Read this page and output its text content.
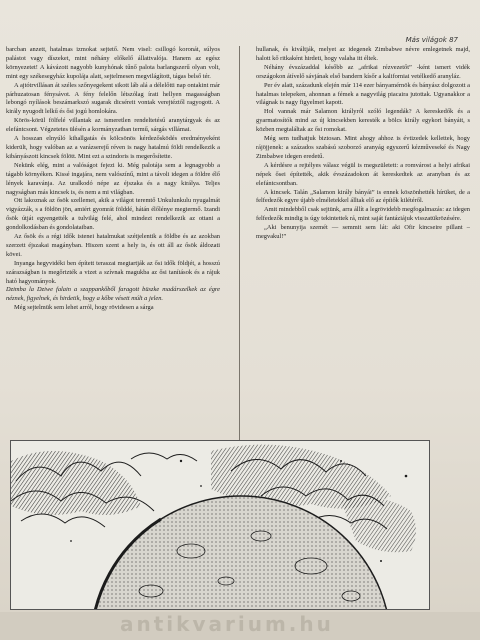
Más világok 87

barcban anzett, hatalmas izmokat sejtető. Nem visel: csillogó koronát, súlyos palástot vagy díszeket, mint néhány előkelő állattvalója. Hanem az egész környezetet! A kávázott nagyobb kunyhónak tűnő palota barlangszerű olyan volt, mint egy székesegyház kupolája alatt, sejtelmesen megvilágított, tágas belső tér.

A ajtótrvillásan át széles szőnyegekent sikott láb alá a délelőtti nap ontakint már párhuzatosan fénysávot. A fény felelőn létszólag írati hellyen magasságban lebongó nyílások beszámarkszó sugarak dicséreit vontak verejtéztől ragyogott. A király nyugodt lelkű és ősi jogú homlokára.

Körös-körül fölfelé villantak az ismeretlen rendeltetésű aranytárgyak és az elefántcsont. Végzetetes ülésén a kormányzatban termű, sárgás villámai.

A hosszan elnyúló kihallgatás és kölcsönös kérdezősködés eredményeként kiderült, hogy valóban az a varázserejű réven is nagy hatalmú földi rendelkezik a kibányászott kincsek fölött. Mint ezt a szindoris is megerősítette.

Nekünk elég, mint a valóságot fejezi ki. Még palotája sem a legnagyobb a tágabb környéken. Kissé ingajára, nem valószínű, mint a távoli idegen a földre élő lények karavánja. Az uralkodó népe az éjszaka és a nagy királya. Teljes nagyságban más kincsek is, és nem a mi világban.

Ott lakoznak az ősök szellemei, akik a világot teremtő Unkulunkulu nyugalmát vigyázzák, s a földön jön, amiért gyomrát földdé, hátán élőlénye megtermő. Izandi ősök útját egyengették a tulvilág felé, ahol mindezt rendelkezik az ottani a gondolkodásban és gondolataiban.

Az ősök és a régi idők istenei hatalmukat szétjelentik a földbe és az azokban szerzett éjszakai magányban. Hiszen szent a hely is, és ott áll az ősök áldozati kövei.

Inyanga hegyvidéki ben épített teraszai megtartják az ősi idők földjét, a hosszú szárazságban is megőrizték a vizet a szívnak magukba az ősi tanítások és a rájuk ható hagyományok.

Dzimba la Dziwe falain a szappankőből faragott büszke madárszelkek az égre néznek, figyelnek, és hirdetik, hogy a kőbe vésett múlt a jelen.

Még sejtelmük sem lehet arról, hogy rövidesen a sárga

hullanak, és kiváltják, melyet az idegenek Zimbabwe névre emlegetnek majd, halott kő ritkaként hirdeti, hogy valaha itt éltek.

Néhány évszázaddal később az „afrikai rézvezetőt” -ként ismert vidék országokon átívelő sávjának első bandern kísőr a kaliforniai vetélkedő aranyláz.

Per év alatt, századunk elején már 114 ezer bányamérnök és bányász dolgozott a hatalmas telepeken, ahonnan a fémek a nagyvilág piacaira jutottak. Ugyanakkor a világnak is nagy figyelmet kapott.

Hol vannak már Salamon királyról szóló legendák? A kereskedők és a gyarmatosítók mind az új kincsekben keresték a bölcs király egykori bányáit, s közben megtaláltak az ősi romokat.

Még sem tudhatjuk biztosan. Mint ahogy ahhoz is évtizedek kellettek, hogy rájöjjenek: a százados szabású szoborzó aranyág egyszerű kézműveseké és Nagy Zimbabwe idegen eredetű.

A kérdésre a rejtélyes válasz végül is megszületett: a romvárost a helyi afrikai népek ősei építették, akik évszázadokon át kereskedtek az aranyban és az elefántcsontban.

A kincsek. Talán „Salamon király bányái” is ennek köszönhették hírüket, de a felfedezők egyre újabb elméletekkel álltak elő az építők kilétéről.

Amit mindebből csak sejtünk, arra állít a legrövidebb megfogalmazás: az idegen felfedezők mindig is úgy tekintettek rá, mint saját fantáziájuk visszatükrözésére.

„Aki benunyija szemét — semmit sem lát: aki Ofir kincseire pillant – megvakul!”

antikvarium.hu
